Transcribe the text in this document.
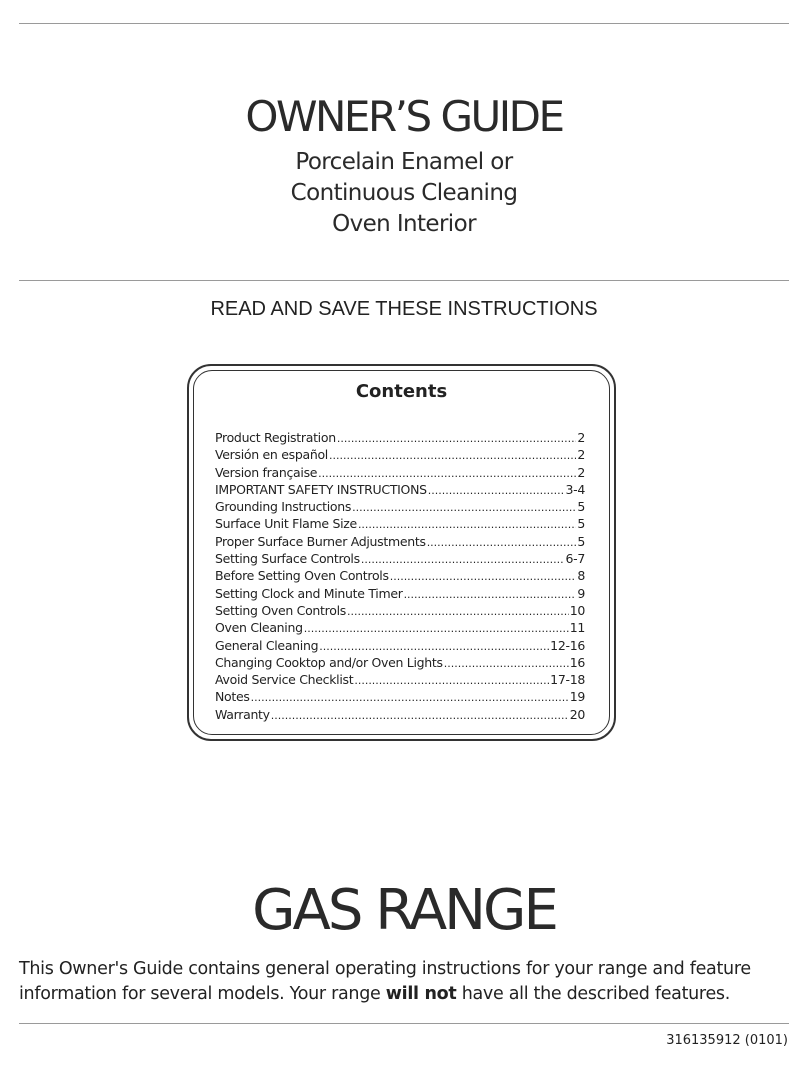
OWNER’S GUIDE
Porcelain Enamel or
Continuous Cleaning
Oven Interior
READ AND SAVE THESE INSTRUCTIONS
Contents
Product Registration .....	2
Versión en español .....	2
Version française .....	2
IMPORTANT SAFETY INSTRUCTIONS .....	3-4
Grounding Instructions .....	5
Surface Unit Flame Size .....	5
Proper Surface Burner Adjustments .....	5
Setting Surface Controls .....	6-7
Before Setting Oven Controls .....	8
Setting Clock and Minute Timer .....	9
Setting Oven Controls .....	10
Oven Cleaning .....	11
General Cleaning .....	12-16
Changing Cooktop and/or Oven Lights .....	16
Avoid Service Checklist .....	17-18
Notes .....	19
Warranty .....	20
GAS RANGE
This Owner's Guide contains general operating instructions for your range and feature information for several models. Your range will not have all the described features.
316135912 (0101)
